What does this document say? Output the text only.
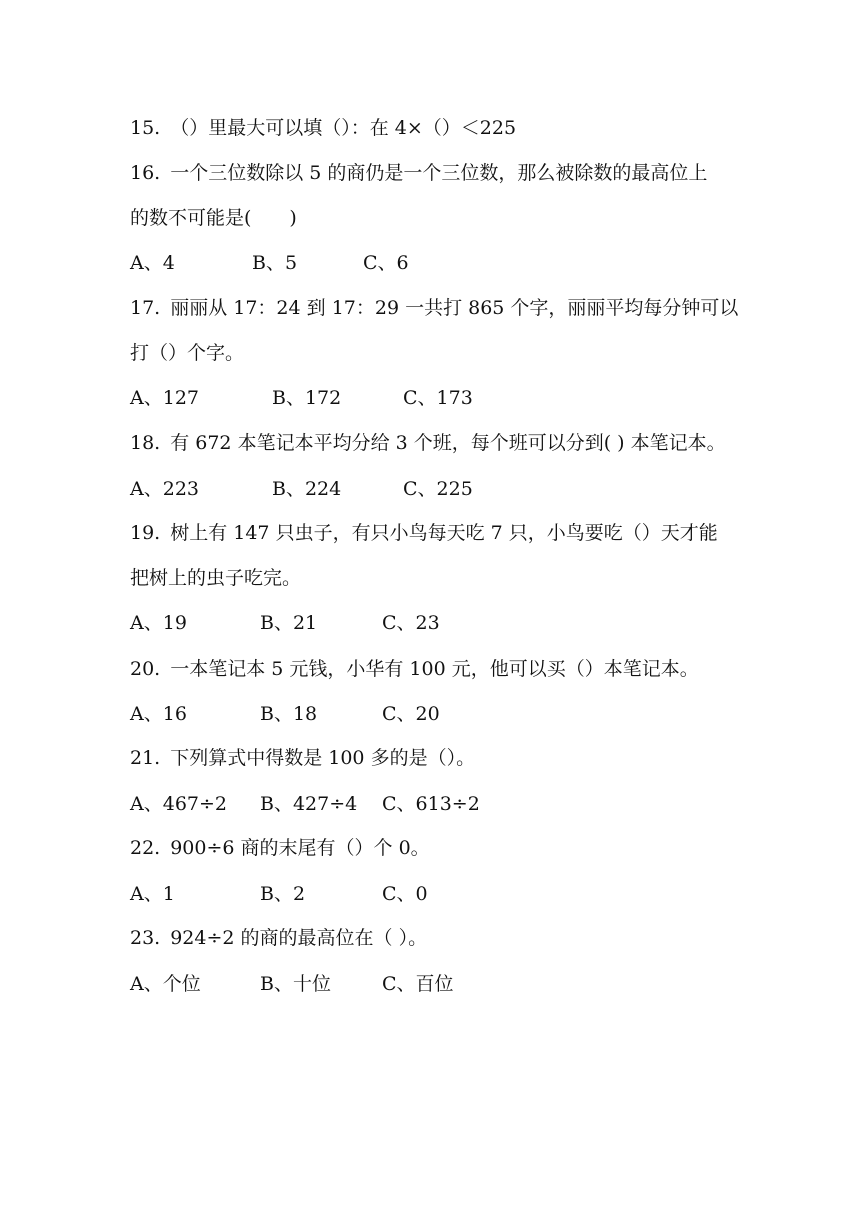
15. （）里最大可以填（）：在 4×（）＜225
16. 一个三位数除以 5 的商仍是一个三位数，那么被除数的最高位上
的数不可能是(　　)
A、4	B、5	C、6
17. 丽丽从 17：24 到 17：29 一共打 865 个字，丽丽平均每分钟可以
打（）个字。
A、127	B、172	C、173
18. 有 672 本笔记本平均分给 3 个班，每个班可以分到( ) 本笔记本。
A、223	B、224	C、225
19. 树上有 147 只虫子，有只小鸟每天吃 7 只，小鸟要吃（）天才能
把树上的虫子吃完。
A、19	B、21	C、23
20. 一本笔记本 5 元钱，小华有 100 元，他可以买（）本笔记本。
A、16	B、18	C、20
21. 下列算式中得数是 100 多的是（）。
A、467÷2 B、427÷4 C、613÷2
22. 900÷6 商的末尾有（）个 0。
A、1	B、2	C、0
23. 924÷2 的商的最高位在（ ）。
A、个位	B、十位	C、百位
